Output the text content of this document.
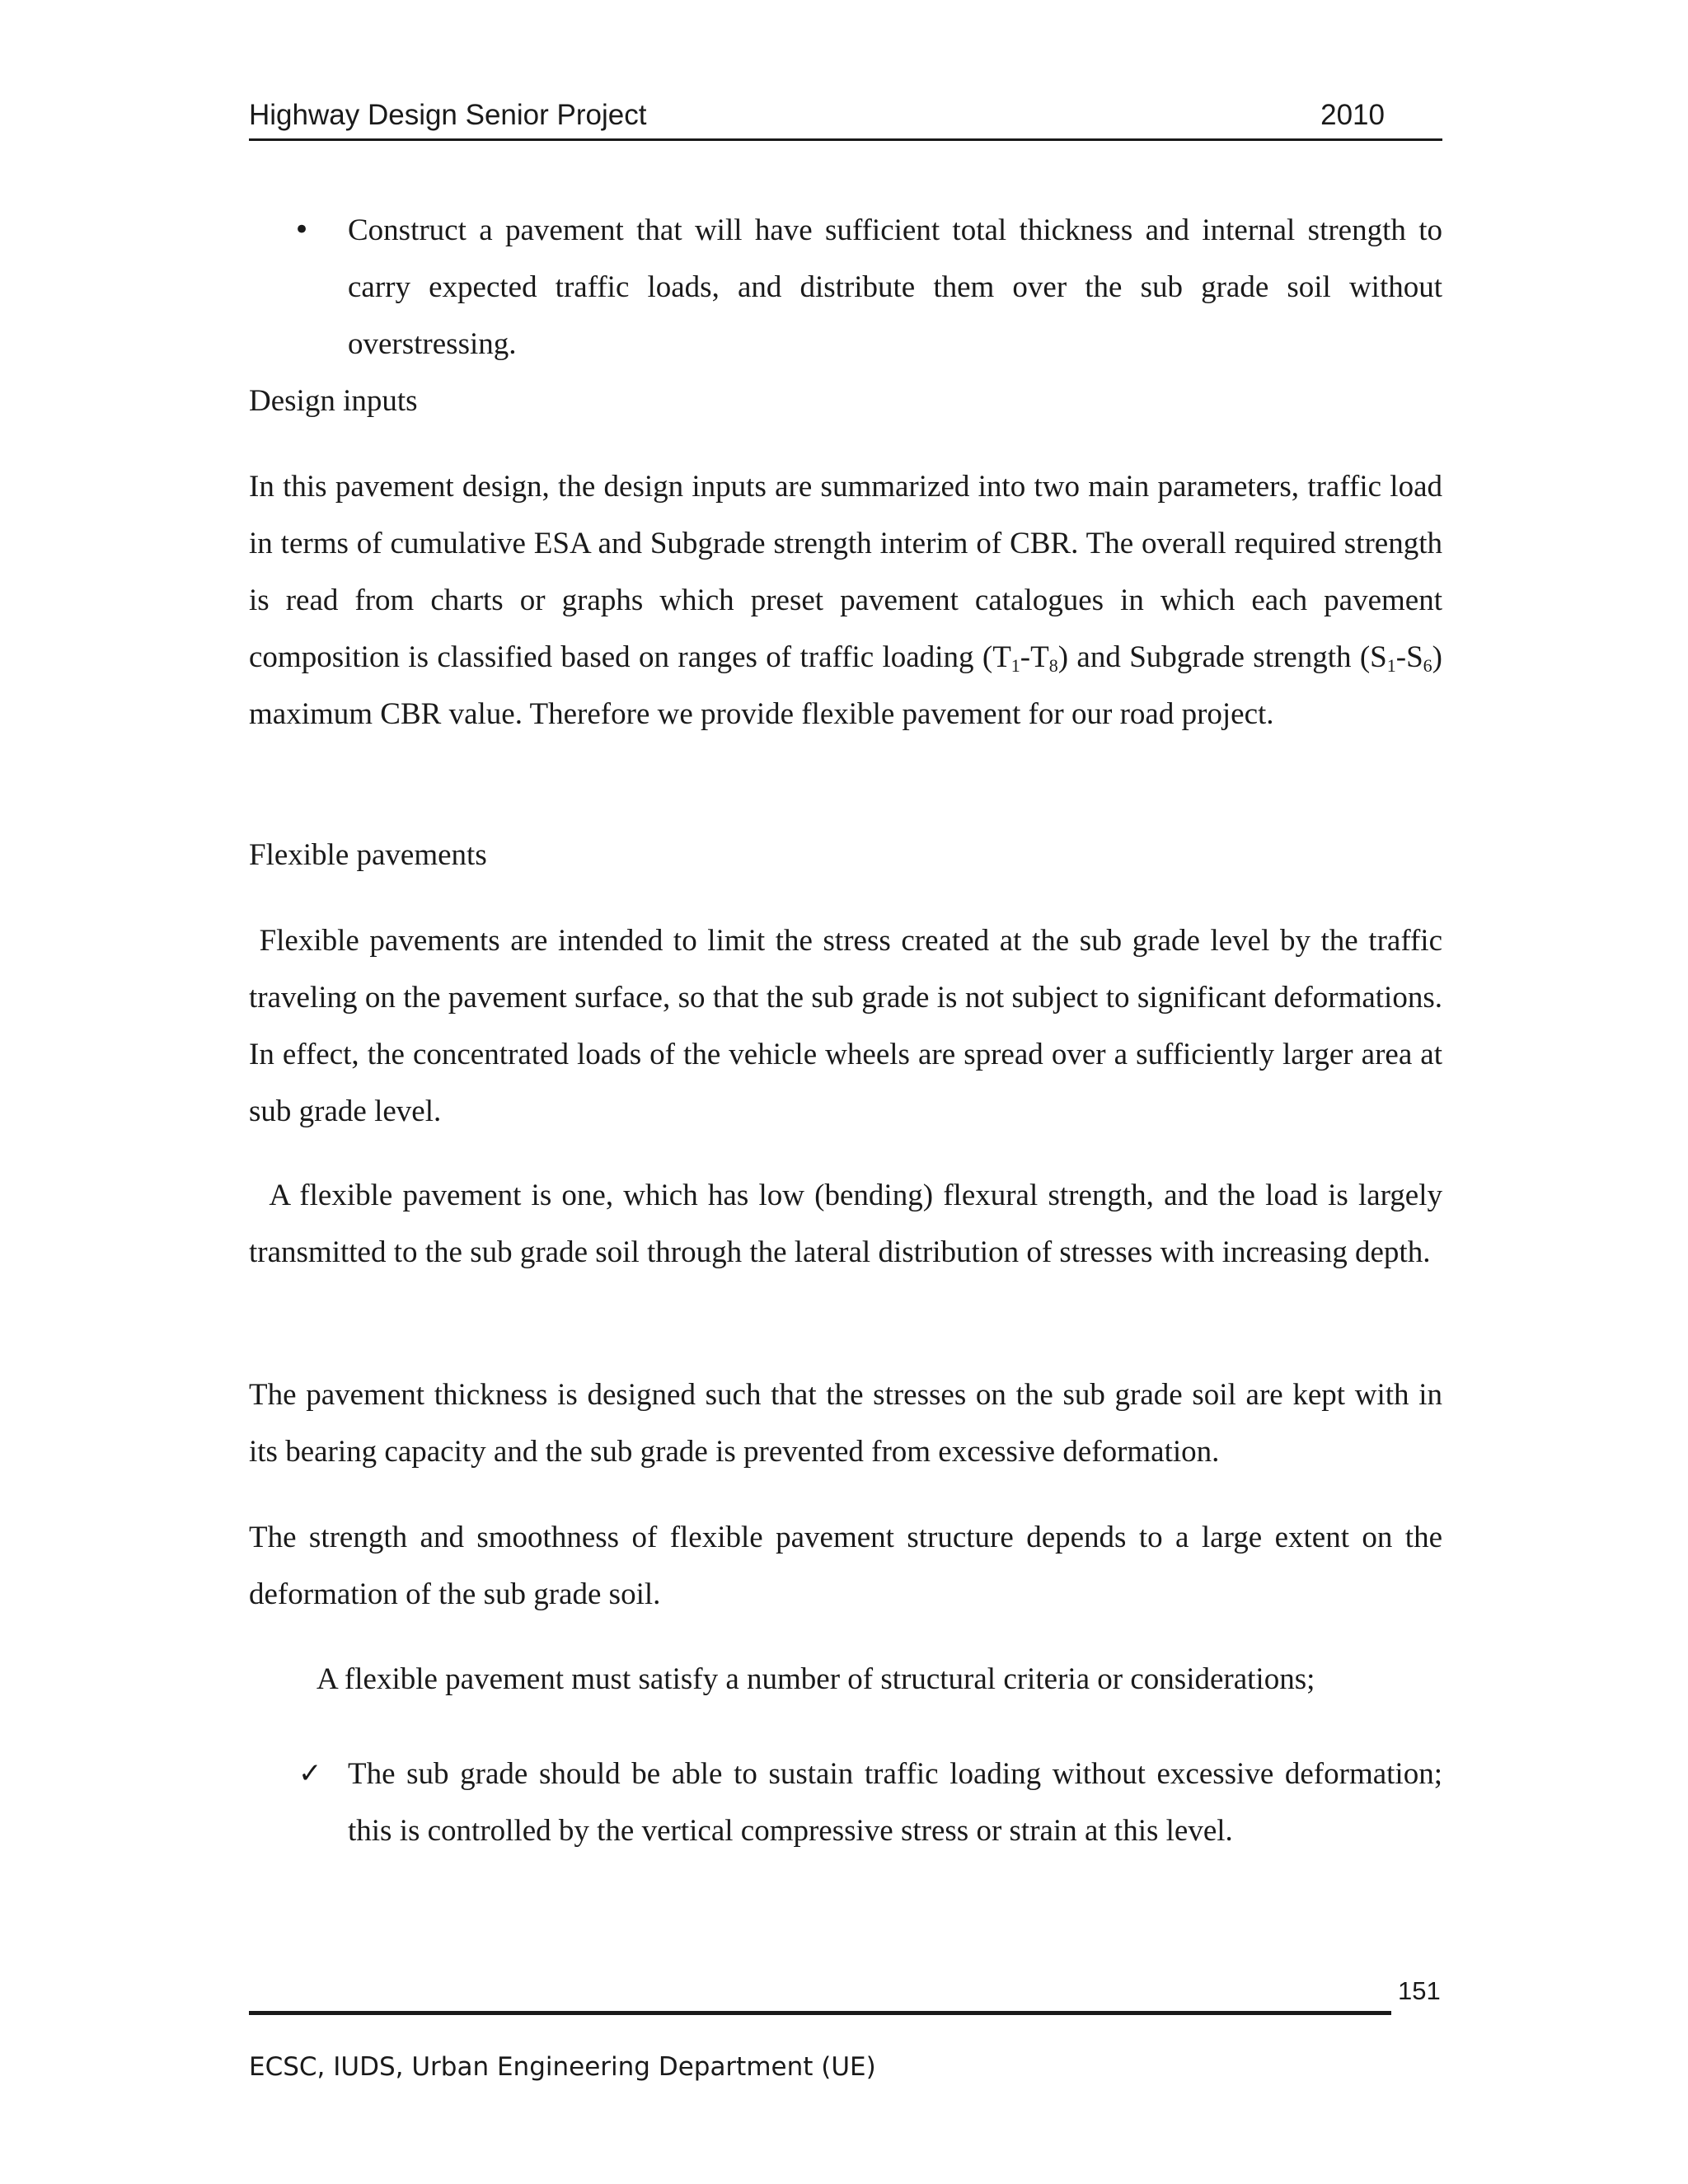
Highway Design Senior Project	2010
• Construct a pavement that will have sufficient total thickness and internal strength to carry expected traffic loads, and distribute them over the sub grade soil without overstressing.

Design inputs

In this pavement design, the design inputs are summarized into two main parameters, traffic load in terms of cumulative ESA and Subgrade strength interim of CBR. The overall required strength is read from charts or graphs which preset pavement catalogues in which each pavement composition is classified based on ranges of traffic loading $(T_1-T_8)$ and Subgrade strength $(S_1-S_6)$ maximum CBR value. Therefore we provide flexible pavement for our road project.

Flexible pavements

Flexible pavements are intended to limit the stress created at the sub grade level by the traffic traveling on the pavement surface, so that the sub grade is not subject to significant deformations. In effect, the concentrated loads of the vehicle wheels are spread over a sufficiently larger area at sub grade level.

A flexible pavement is one, which has low (bending) flexural strength, and the load is largely transmitted to the sub grade soil through the lateral distribution of stresses with increasing depth.

The pavement thickness is designed such that the stresses on the sub grade soil are kept with in its bearing capacity and the sub grade is prevented from excessive deformation.

The strength and smoothness of flexible pavement structure depends to a large extent on the deformation of the sub grade soil.

A flexible pavement must satisfy a number of structural criteria or considerations;

✓ The sub grade should be able to sustain traffic loading without excessive deformation; this is controlled by the vertical compressive stress or strain at this level.

151
ECSC, IUDS, Urban Engineering Department (UE)
